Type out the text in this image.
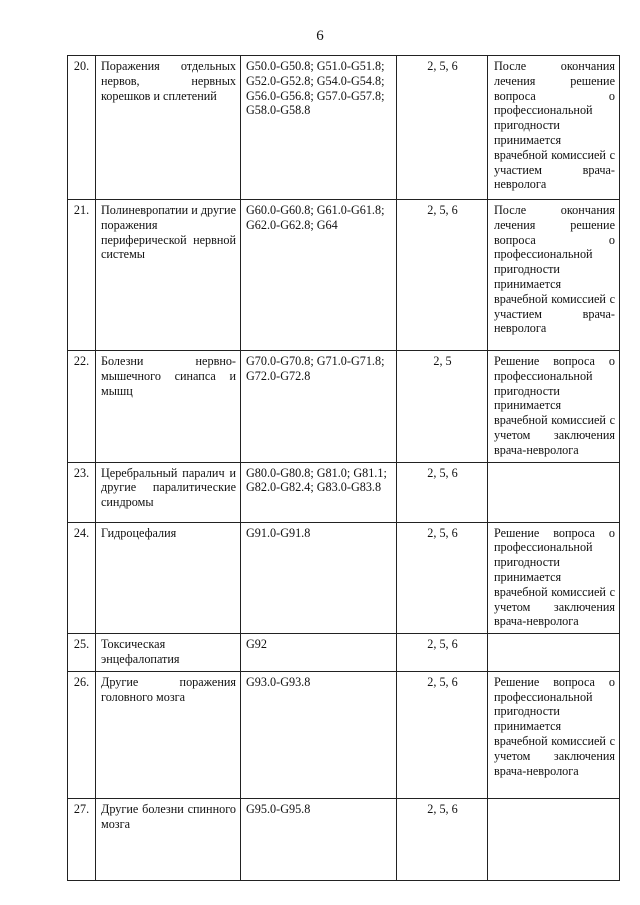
6
20.	Поражения отдельных нервов, нервных корешков и сплетений	G50.0-G50.8; G51.0-G51.8; G52.0-G52.8; G54.0-G54.8; G56.0-G56.8; G57.0-G57.8; G58.0-G58.8	2, 5, 6	После окончания лечения решение вопроса о профессиональной пригодности принимается врачебной комиссией с участием врача-невролога
21.	Полиневропатии и другие поражения периферической нервной системы	G60.0-G60.8; G61.0-G61.8; G62.0-G62.8; G64	2, 5, 6	После окончания лечения решение вопроса о профессиональной пригодности принимается врачебной комиссией с участием врача-невролога
22.	Болезни нервно-мышечного синапса и мышц	G70.0-G70.8; G71.0-G71.8; G72.0-G72.8	2, 5	Решение вопроса о профессиональной пригодности принимается врачебной комиссией с учетом заключения врача-невролога
23.	Церебральный паралич и другие паралитические синдромы	G80.0-G80.8; G81.0; G81.1; G82.0-G82.4; G83.0-G83.8	2, 5, 6	
24.	Гидроцефалия	G91.0-G91.8	2, 5, 6	Решение вопроса о профессиональной пригодности принимается врачебной комиссией с учетом заключения врача-невролога
25.	Токсическая энцефалопатия	G92	2, 5, 6	
26.	Другие поражения головного мозга	G93.0-G93.8	2, 5, 6	Решение вопроса о профессиональной пригодности принимается врачебной комиссией с учетом заключения врача-невролога
27.	Другие болезни спинного мозга	G95.0-G95.8	2, 5, 6	
